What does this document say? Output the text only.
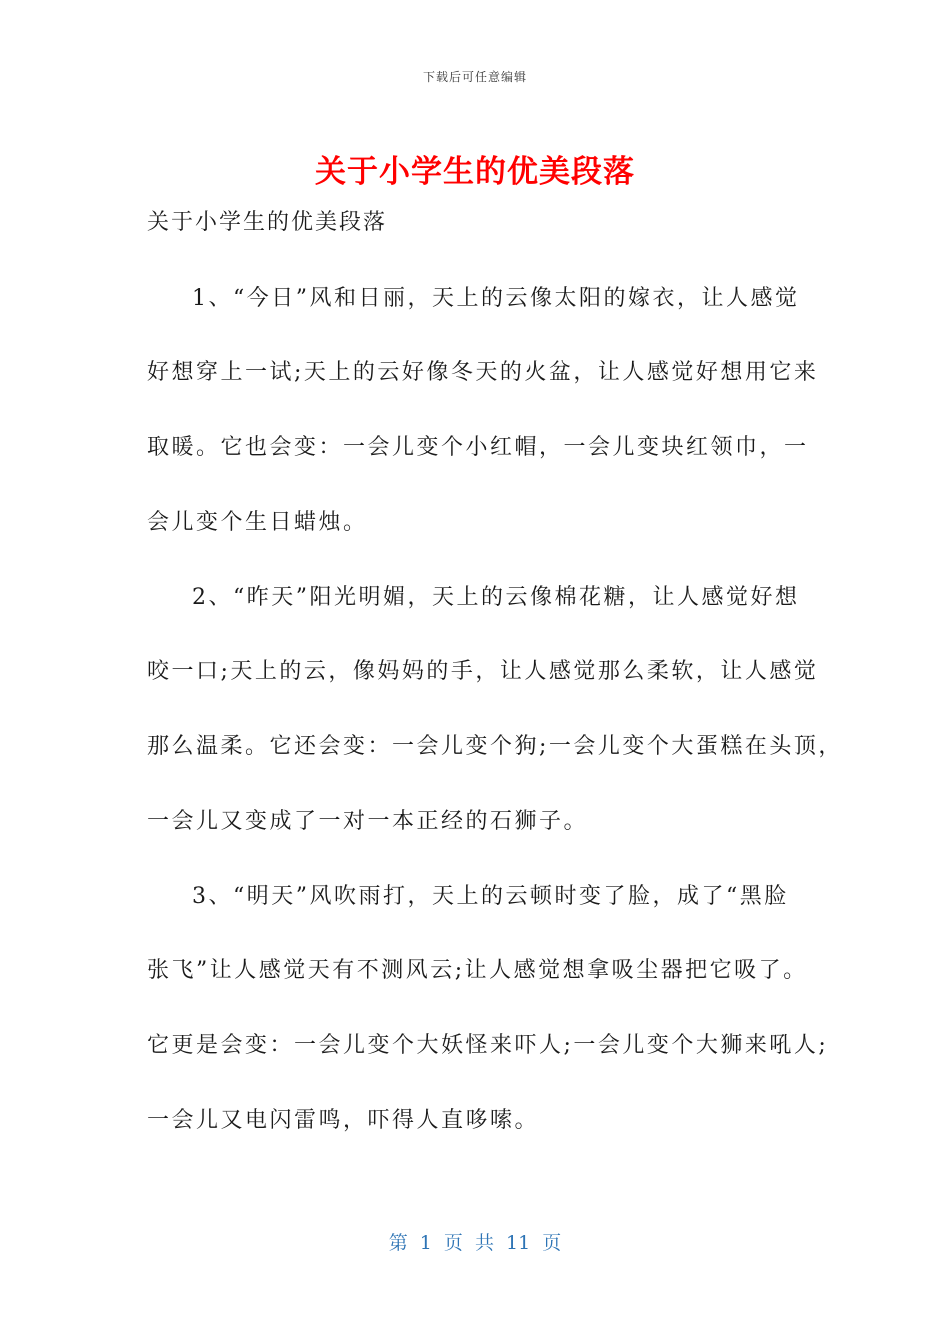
下载后可任意编辑
关于小学生的优美段落
关于小学生的优美段落
1、“今日”风和日丽，天上的云像太阳的嫁衣，让人感觉
好想穿上一试;天上的云好像冬天的火盆，让人感觉好想用它来
取暖。它也会变：一会儿变个小红帽，一会儿变块红领巾，一
会儿变个生日蜡烛。
2、“昨天”阳光明媚，天上的云像棉花糖，让人感觉好想
咬一口;天上的云，像妈妈的手，让人感觉那么柔软，让人感觉
那么温柔。它还会变：一会儿变个狗;一会儿变个大蛋糕在头顶，
一会儿又变成了一对一本正经的石狮子。
3、“明天”风吹雨打，天上的云顿时变了脸，成了“黑脸
张飞”让人感觉天有不测风云;让人感觉想拿吸尘器把它吸了。
它更是会变：一会儿变个大妖怪来吓人;一会儿变个大狮来吼人;
一会儿又电闪雷鸣，吓得人直哆嗦。
第 1 页 共 11 页
